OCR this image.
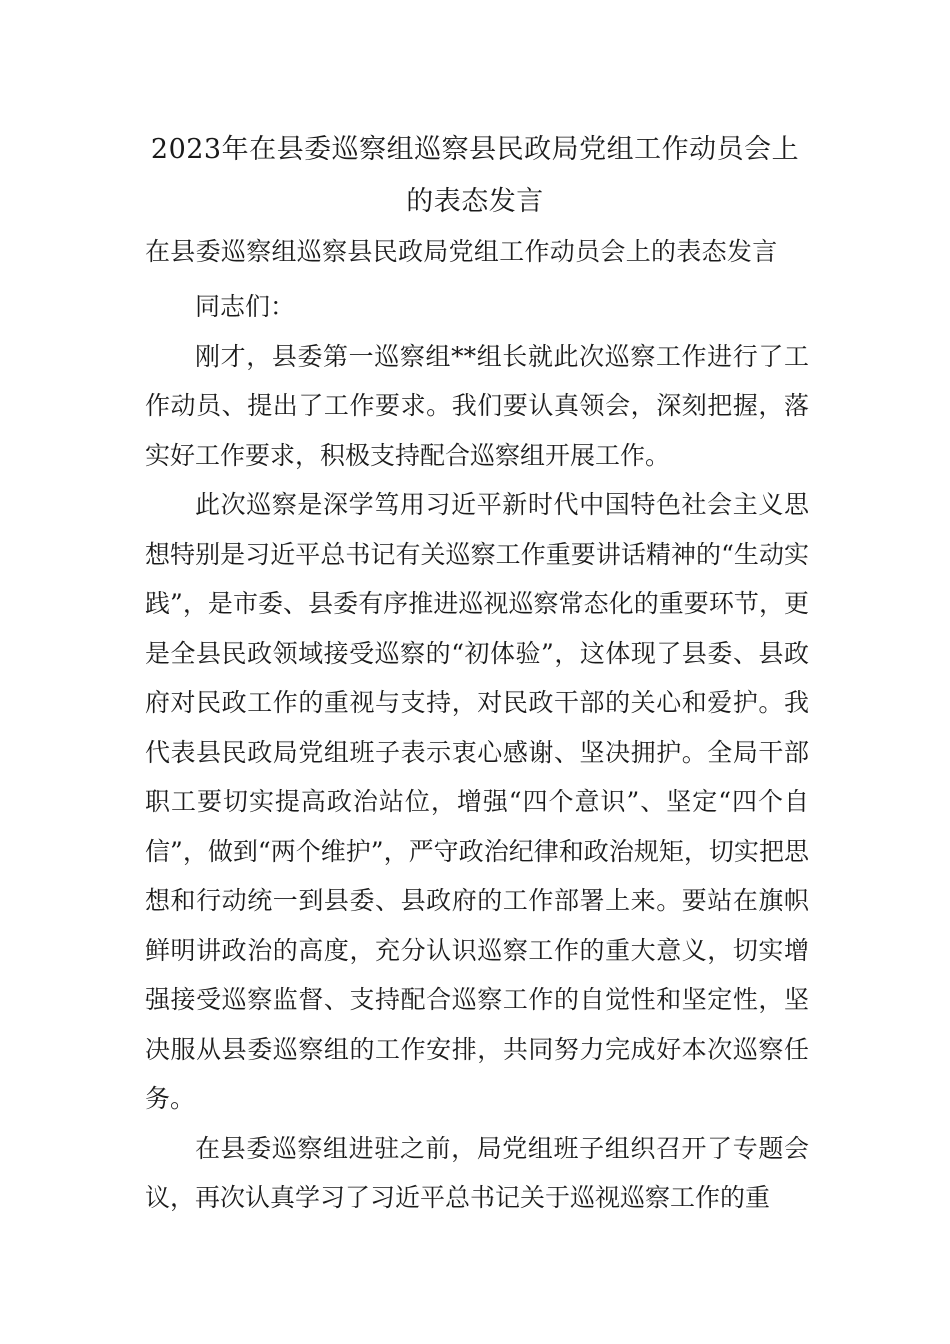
2023年在县委巡察组巡察县民政局党组工作动员会上的表态发言

在县委巡察组巡察县民政局党组工作动员会上的表态发言

同志们：

刚才，县委第一巡察组**组长就此次巡察工作进行了工作动员、提出了工作要求。我们要认真领会，深刻把握，落实好工作要求，积极支持配合巡察组开展工作。

此次巡察是深学笃用习近平新时代中国特色社会主义思想特别是习近平总书记有关巡察工作重要讲话精神的“生动实践”，是市委、县委有序推进巡视巡察常态化的重要环节，更是全县民政领域接受巡察的“初体验”，这体现了县委、县政府对民政工作的重视与支持，对民政干部的关心和爱护。我代表县民政局党组班子表示衷心感谢、坚决拥护。全局干部职工要切实提高政治站位，增强“四个意识”、坚定“四个自信”，做到“两个维护”，严守政治纪律和政治规矩，切实把思想和行动统一到县委、县政府的工作部署上来。要站在旗帜鲜明讲政治的高度，充分认识巡察工作的重大意义，切实增强接受巡察监督、支持配合巡察工作的自觉性和坚定性，坚决服从县委巡察组的工作安排，共同努力完成好本次巡察任务。

在县委巡察组进驻之前，局党组班子组织召开了专题会议，再次认真学习了习近平总书记关于巡视巡察工作的重
